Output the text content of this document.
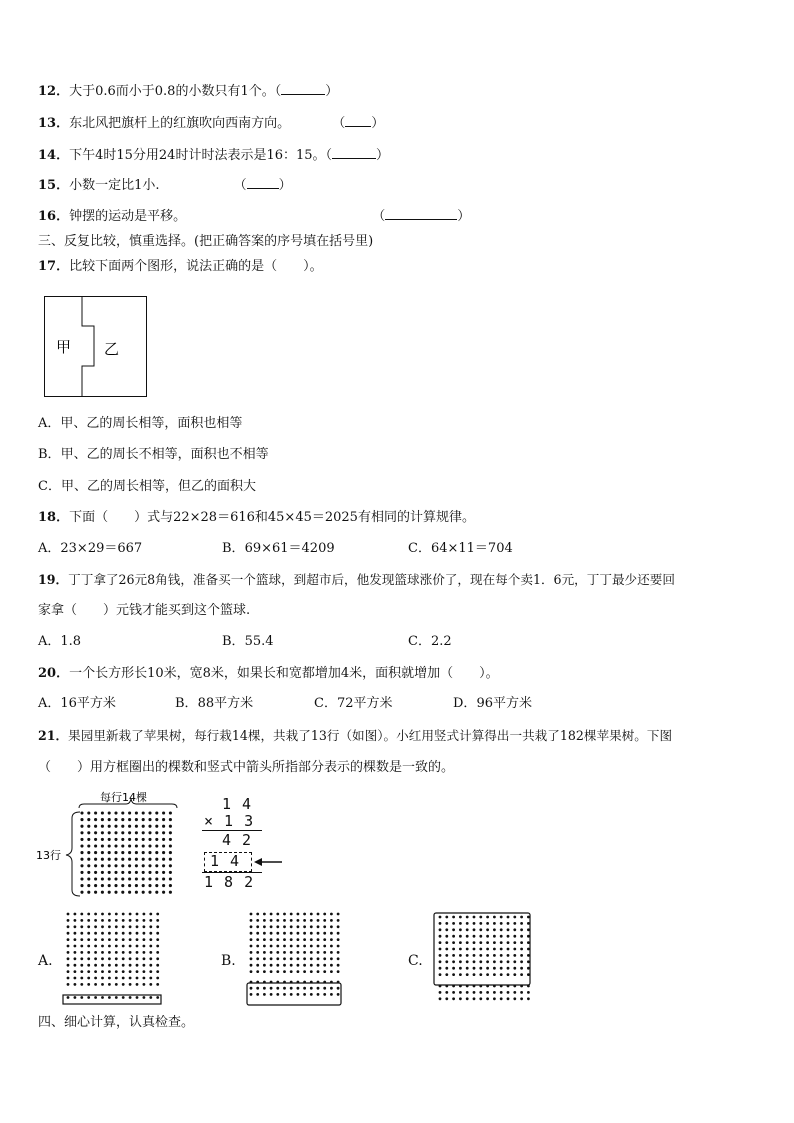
12．大于0.6而小于0.8的小数只有1个。（	）
13．东北风把旗杆上的红旗吹向西南方向。	（ ）
14．下午4时15分用24时计时法表示是16：15。（	）
15．小数一定比1小.	（ ）
16．钟摆的运动是平移。	（	）
三、反复比较，慎重选择。(把正确答案的序号填在括号里)
17．比较下面两个图形，说法正确的是（　　）。
甲 乙
A．甲、乙的周长相等，面积也相等
B．甲、乙的周长不相等，面积也不相等
C．甲、乙的周长相等，但乙的面积大
18．下面（　　）式与22×28＝616和45×45＝2025有相同的计算规律。
A．23×29＝667	B．69×61＝4209	C．64×11＝704
19．丁丁拿了26元8角钱，准备买一个篮球，到超市后，他发现篮球涨价了，现在每个卖1．6元，丁丁最少还要回
家拿（　　）元钱才能买到这个篮球.
A．1.8	B．55.4	C．2.2
20．一个长方形长10米，宽8米，如果长和宽都增加4米，面积就增加（　　）。
A．16平方米	B．88平方米	C．72平方米	D．96平方米
21．果园里新栽了苹果树，每行栽14棵，共栽了13行（如图）。小红用竖式计算得出一共栽了182棵苹果树。下图
（　　）用方框圈出的棵数和竖式中箭头所指部分表示的棵数是一致的。
每行14棵
13行
1 4
× 1 3
4 2
1 4
1 8 2
A.	B.	C.
四、细心计算，认真检查。
